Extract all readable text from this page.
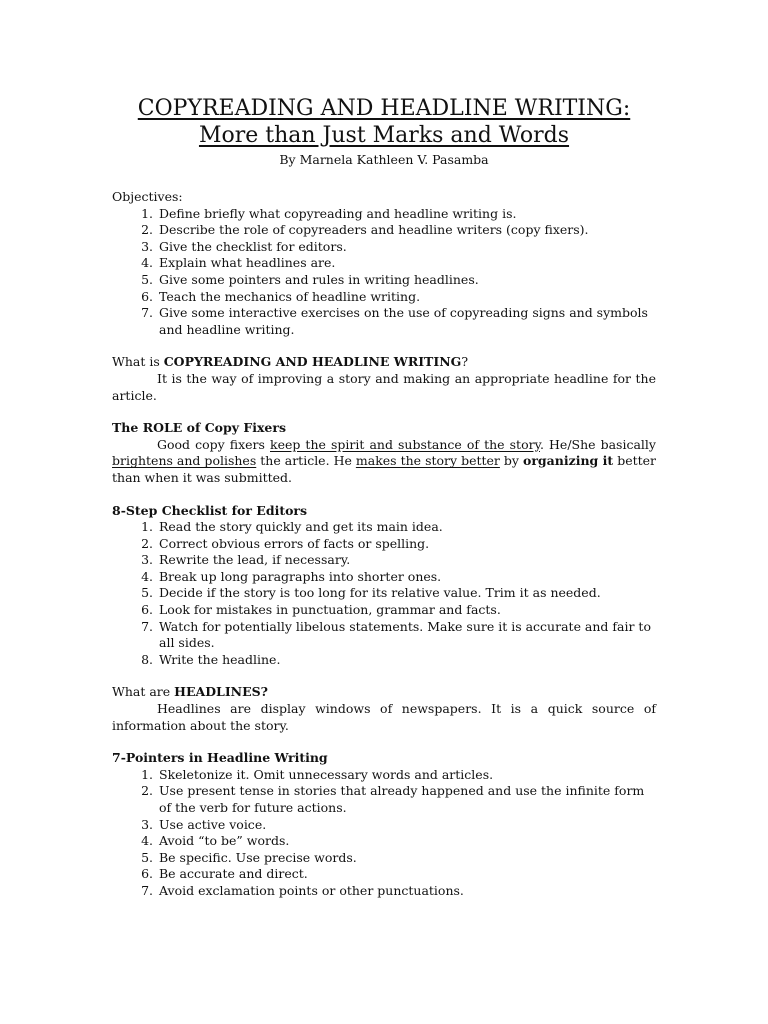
COPYREADING AND HEADLINE WRITING:
More than Just Marks and Words
By Marnela Kathleen V. Pasamba
Objectives:
1. Define briefly what copyreading and headline writing is.
2. Describe the role of copyreaders and headline writers (copy fixers).
3. Give the checklist for editors.
4. Explain what headlines are.
5. Give some pointers and rules in writing headlines.
6. Teach the mechanics of headline writing.
7. Give some interactive exercises on the use of copyreading signs and symbols and headline writing.
What is COPYREADING AND HEADLINE WRITING?
It is the way of improving a story and making an appropriate headline for the article.
The ROLE of Copy Fixers
Good copy fixers keep the spirit and substance of the story. He/She basically brightens and polishes the article. He makes the story better by organizing it better than when it was submitted.
8-Step Checklist for Editors
1. Read the story quickly and get its main idea.
2. Correct obvious errors of facts or spelling.
3. Rewrite the lead, if necessary.
4. Break up long paragraphs into shorter ones.
5. Decide if the story is too long for its relative value. Trim it as needed.
6. Look for mistakes in punctuation, grammar and facts.
7. Watch for potentially libelous statements. Make sure it is accurate and fair to all sides.
8. Write the headline.
What are HEADLINES?
Headlines are display windows of newspapers. It is a quick source of information about the story.
7-Pointers in Headline Writing
1. Skeletonize it. Omit unnecessary words and articles.
2. Use present tense in stories that already happened and use the infinite form of the verb for future actions.
3. Use active voice.
4. Avoid “to be” words.
5. Be specific. Use precise words.
6. Be accurate and direct.
7. Avoid exclamation points or other punctuations.
